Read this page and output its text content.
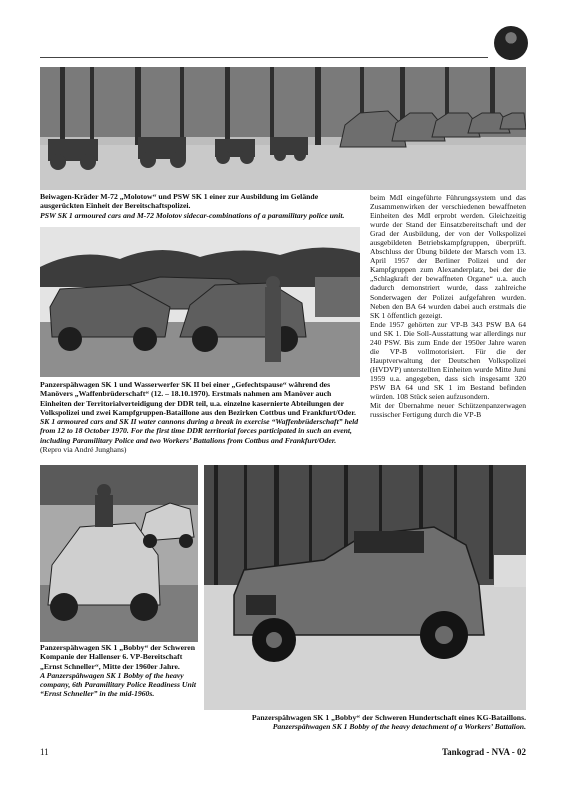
Beiwagen-Kräder M-72 „Molotow“ und PSW SK 1 einer zur Ausbildung im Gelände ausgerückten Einheit der Bereitschaftspolizei.
PSW SK 1 armoured cars and M-72 Molotov sidecar-combinations of a paramilitary police unit.

Panzerspähwagen SK 1 und Wasserwerfer SK II bei einer „Gefechtspause“ während des Manövers „Waffenbrüderschaft“ (12. – 18.10.1970). Erstmals nahmen am Manöver auch Einheiten der Territorialverteidigung der DDR teil, u.a. einzelne kasernierte Abteilungen der Volkspolizei und zwei Kampfgruppen-Bataillone aus den Bezirken Cottbus und Frankfurt/Oder.
SK 1 armoured cars and SK II water cannons during a break in exercise “Waffenbrüderschaft” held from 12 to 18 October 1970. For the first time DDR territorial forces participated in such an event, including Paramilitary Police and two Workers’ Battalions from Cottbus and Frankfurt/Oder.
(Repro via André Junghans)

beim MdI eingeführte Führungssystem und das Zusammenwirken der verschiedenen bewaffneten Einheiten des MdI erprobt werden. Gleichzeitig wurde der Stand der Einsatzbereitschaft und der Grad der Ausbildung, der von der Volkspolizei ausgebildeten Betriebskampfgruppen, überprüft. Abschluss der Übung bildete der Marsch vom 13. April 1957 der Berliner Polizei und der Kampfgruppen zum Alexanderplatz, bei der die „Schlagkraft der bewaffneten Organe“ u.a. auch dadurch demonstriert wurde, dass zahlreiche Sonderwagen der Polizei aufgefahren wurden. Neben den BA 64 wurden dabei auch erstmals die SK 1 öffentlich gezeigt.

Ende 1957 gehörten zur VP-B 343 PSW BA 64 und SK 1. Die Soll-Ausstattung war allerdings nur 240 PSW. Bis zum Ende der 1950er Jahre waren die VP-B vollmotorisiert. Für die der Hauptverwaltung der Deutschen Volkspolizei (HVDVP) unterstellten Einheiten wurde Mitte Juni 1959 u.a. angegeben, dass sich insgesamt 320 PSW BA 64 und SK 1 im Bestand befinden würden. 108 Stück seien aufzusondern.

Mit der Übernahme neuer Schützenpanzerwagen russischer Fertigung durch die VP-B

Panzerspähwagen SK 1 „Bobby“ der Schweren Kompanie der Hallenser 6. VP-Bereitschaft „Ernst Schneller“, Mitte der 1960er Jahre.
A Panzerspähwagen SK 1 Bobby of the heavy company, 6th Paramilitary Police Readiness Unit “Ernst Schneller” in the mid-1960s.

Panzerspähwagen SK 1 „Bobby“ der Schweren Hundertschaft eines KG-Bataillons.
Panzerspähwagen SK 1 Bobby of the heavy detachment of a Workers’ Battalion.

11	Tankograd - NVA - 02
